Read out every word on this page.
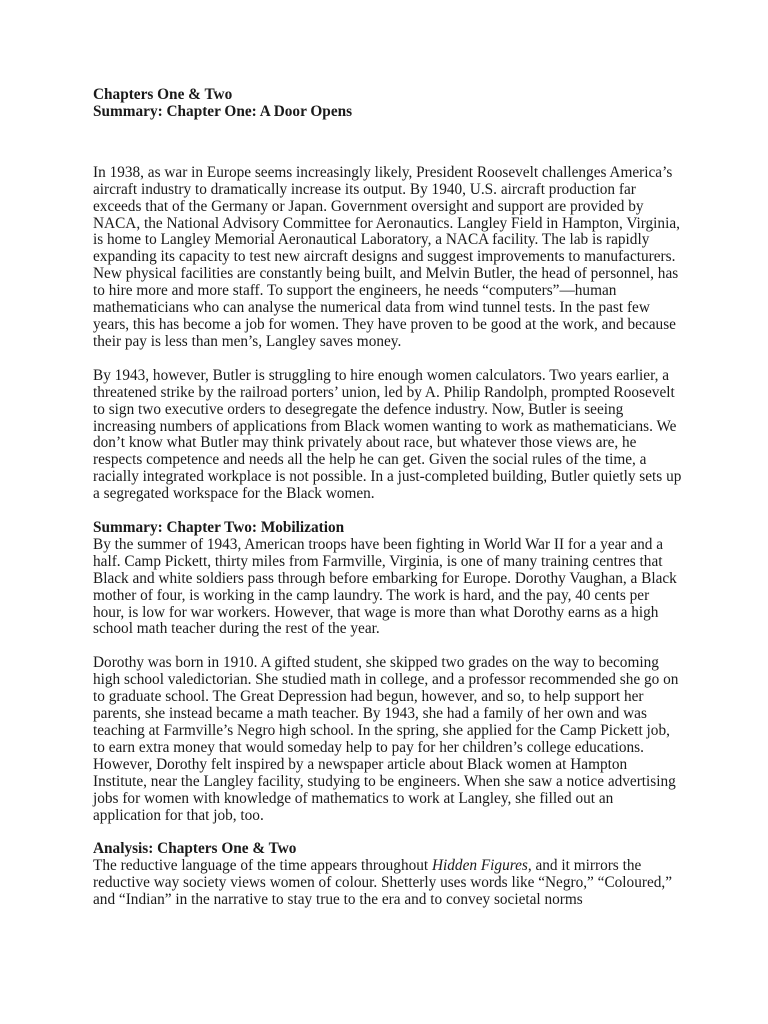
Chapters One & Two

Summary: Chapter One: A Door Opens

In 1938, as war in Europe seems increasingly likely, President Roosevelt challenges America’s aircraft industry to dramatically increase its output. By 1940, U.S. aircraft production far exceeds that of the Germany or Japan. Government oversight and support are provided by NACA, the National Advisory Committee for Aeronautics. Langley Field in Hampton, Virginia, is home to Langley Memorial Aeronautical Laboratory, a NACA facility. The lab is rapidly expanding its capacity to test new aircraft designs and suggest improvements to manufacturers. New physical facilities are constantly being built, and Melvin Butler, the head of personnel, has to hire more and more staff. To support the engineers, he needs “computers”—human mathematicians who can analyse the numerical data from wind tunnel tests. In the past few years, this has become a job for women. They have proven to be good at the work, and because their pay is less than men’s, Langley saves money.

By 1943, however, Butler is struggling to hire enough women calculators. Two years earlier, a threatened strike by the railroad porters’ union, led by A. Philip Randolph, prompted Roosevelt to sign two executive orders to desegregate the defence industry. Now, Butler is seeing increasing numbers of applications from Black women wanting to work as mathematicians. We don’t know what Butler may think privately about race, but whatever those views are, he respects competence and needs all the help he can get. Given the social rules of the time, a racially integrated workplace is not possible. In a just-completed building, Butler quietly sets up a segregated workspace for the Black women.

Summary: Chapter Two: Mobilization

By the summer of 1943, American troops have been fighting in World War II for a year and a half. Camp Pickett, thirty miles from Farmville, Virginia, is one of many training centres that Black and white soldiers pass through before embarking for Europe. Dorothy Vaughan, a Black mother of four, is working in the camp laundry. The work is hard, and the pay, 40 cents per hour, is low for war workers. However, that wage is more than what Dorothy earns as a high school math teacher during the rest of the year.

Dorothy was born in 1910. A gifted student, she skipped two grades on the way to becoming high school valedictorian. She studied math in college, and a professor recommended she go on to graduate school. The Great Depression had begun, however, and so, to help support her parents, she instead became a math teacher. By 1943, she had a family of her own and was teaching at Farmville’s Negro high school. In the spring, she applied for the Camp Pickett job, to earn extra money that would someday help to pay for her children’s college educations. However, Dorothy felt inspired by a newspaper article about Black women at Hampton Institute, near the Langley facility, studying to be engineers. When she saw a notice advertising jobs for women with knowledge of mathematics to work at Langley, she filled out an application for that job, too.

Analysis: Chapters One & Two

The reductive language of the time appears throughout Hidden Figures, and it mirrors the reductive way society views women of colour. Shetterly uses words like “Negro,” “Coloured,” and “Indian” in the narrative to stay true to the era and to convey societal norms
